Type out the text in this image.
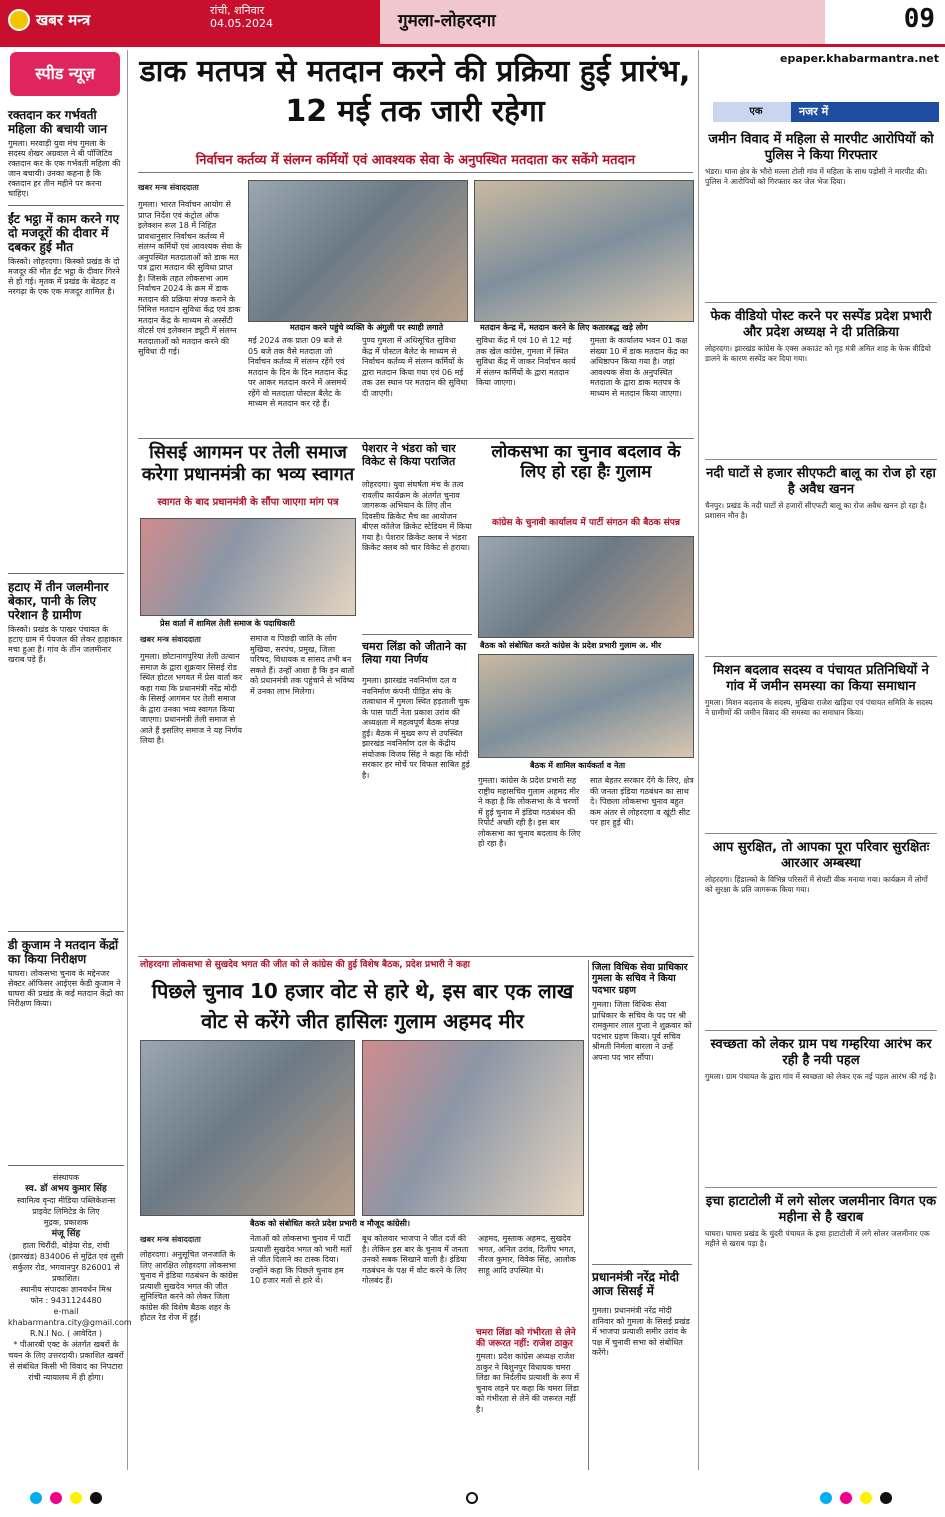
खबर मन्त्र
रांची, शनिवार
04.05.2024	गुमला-लोहरदगा	09
स्पीड न्यूज़
रक्तदान कर गर्भवती महिला की बचायी जान
गुमला। मरवाड़ी युवा मंच गुमला के सदस्य शेखर अग्रवाल ने बी पॉजिटिव रक्तदान कर के एक गर्भवती महिला की जान बचायी। उनका कहना है कि रक्तदान हर तीन महीने पर करना चाहिए।
ईंट भट्ठा में काम करने गए दो मजदूरों की दीवार में दबकर हुई मौत
किस्को। लोहरदगा। किस्को प्रखंड के दो मजदूर की मौत ईंट भट्ठा के दीवार गिरने से हो गई। मृतक में प्रखंड के बेठहट व नरगढ़ा के एक एक मजदूर शामिल है।
हटाए में तीन जलमीनार बेकार, पानी के लिए परेशान है ग्रामीण
किस्को। प्रखंड के पाखर पंचायत के हटाए ग्राम में पेयजल की लेकर हाहाकार मचा हुआ है। गांव के तीन जलमीनार खराब पड़े हैं।
डी कुजाम ने मतदान केंद्रों का किया निरीक्षण
घाघरा। लोकसभा चुनाव के मद्देनजर सेक्टर ऑफिसर आईएस केडी कुजाम ने घाघरा की प्रखंड के कई मतदान केंद्रो का निरीक्षण किया।
संस्थापक
स्व. डॉ अभय कुमार सिंह
स्वामित्व वृन्दा मीडिया पब्लिकेशन्स प्राइवेट लिमिटेड के लिए
मुद्रक, प्रकाशक
मंजू सिंह
हाता चिरौंदी, बोड़ेया रोड, रांची (झारखंड) 834006 से मुद्रित एवं लुसी सर्कुलर रोड, भगवानपुर 826001 से प्रकाशित।
स्थानीय संपादकः ज्ञानवर्धन मिश्र
फोन : 9431124480
e-mail
khabarmantra.city@gmail.com
R.N.I No. ( आवेदित )
* पीआरबी एक्ट के अंतर्गत खबरों के चयन के लिए उत्तरदायी। प्रकाशित खबरों से संबंधित किसी भी विवाद का निपटारा रांची न्यायालय में ही होगा।
डाक मतपत्र से मतदान करने की प्रक्रिया हुई प्रारंभ, 12 मई तक जारी रहेगा
निर्वाचन कर्तव्य में संलग्न कर्मियों एवं आवश्यक सेवा के अनुपस्थित मतदाता कर सकेंगे मतदान
खबर मन्त्र संवाददाता
गुमला। भारत निर्वाचन आयोग से प्राप्त निर्देश एवं कंट्रोल ऑफ इलेक्शन रूल 18 में निहित प्रावधानुसार निर्वाचन कर्तव्य में संलग्न कर्मियों एवं आवश्यक सेवा के अनुपस्थित मतदाताओं को डाक मत पत्र द्वारा मतदान की सुविधा प्राप्त है। जिसके तहत लोकसभा आम निर्वाचन 2024 के क्रम में डाक मतदान की प्रक्रिया संपन्न कराने के निमित्त मतदान सुविधा केंद्र एवं डाक मतदान केंद्र के माध्यम से अस्सेंटी वोटर्स एवं इलेक्शन ड्यूटी में संलग्न मतदाताओं को मतदान करने की सुविधा दी गई।
मतदान करने पहुंचे व्यक्ति के अंगुली पर स्याही लगाते	मतदान केन्द्र में, मतदान करने के लिए कतारबद्ध खड़े लोग
मई 2024 तक प्रातः 09 बजे से 05 बजे तक वैसे मतदाता जो निर्वाचन कर्तव्य में संलग्न रहेंगे एवं मतदान के दिन के दिन मतदान केंद्र पर आकर मतदान करने में असमर्थ रहेंगे वो मतदाता पोस्टल बैलेट के माध्यम से मतदान कर रहे हैं।
पुण्य गुमला में अधिसूचित सुविधा केंद्र में पोस्टल बैलेट के माध्यम से निर्वाचन कर्तव्य में संलग्न कर्मियों के द्वारा मतदान किया गया एवं 06 मई तक उस स्थान पर मतदान की सुविधा दी जाएगी।
सुविधा केंद्र में एवं 10 से 12 मई तक खेल कांग्रेस, गुमला में स्थित सुविधा केंद्र में जाकर निर्वाचन कार्य में संलग्न कर्मियों के द्वारा मतदान किया जाएगा।
गुमला के कार्यालय भवन 01 कक्ष संख्या 10 में डाक मतदान केंद्र का अधिष्ठापन किया गया है। जहां आवश्यक सेवा के अनुपस्थित मतदाता के द्वारा डाक मतपत्र के माध्यम से मतदान किया जाएगा।
सिसई आगमन पर तेली समाज करेगा प्रधानमंत्री का भव्य स्वागत
स्वागत के बाद प्रधानमंत्री के सौंपा जाएगा मांग पत्र
प्रेस वार्ता में शामिल तेली समाज के पदाधिकारी
खबर मन्त्र संवाददाता
गुमला। छोटानागपुरिया तेली उत्थान समाज के द्वारा शुक्रवार सिसई रोड स्थित होटल भगवत में प्रेस वार्ता कर कहा गया कि प्रधानमंत्री नरेंद्र मोदी के सिसई आगमन पर तेली समाज के द्वारा उनका भव्य स्वागत किया जाएगा। प्रधानमंत्री तेली समाज से आते हैं इसलिए समाज ने यह निर्णय लिया है।
समाज व पिछड़ी जाति के लोग मुखिया, सरपंच, प्रमुख, जिला परिषद, विधायक व सांसद तभी बन सकते हैं। उन्हों आशा है कि इन बातों को प्रधानमंत्री तक पहुंचाने से भविष्य में उनका लाभ मिलेगा।
पेशरार ने भंडरा को चार विकेट से किया पराजित
लोहरदगा। युवा संघर्षता मंच के तत्व रावलीय कार्यक्रम के अंतर्गत चुनाव जागरूक अभियान के लिए तीन दिवसीय क्रिकेट मैच का आयोजन बीएस कॉलेज क्रिकेट स्टेडियम में किया गया है। पेशरार क्रिकेट क्लब ने भंडरा क्रिकेट क्लब को चार विकेट से हराया।
चमरा लिंडा को जीताने का लिया गया निर्णय
गुमला। झारखंड नवनिर्माण दल व नवनिर्माण कंपनी पीड़ित संघ के तत्वाधान में गुमला स्थित हड़ताली चुक के पास पार्टी नेता प्रकाश उरांव की अध्यक्षता में महत्वपूर्ण बैठक संपन्न हुई। बैठक में मुख्य रूप से उपस्थित झारखंड नवनिर्माण दल के केंद्रीय संयोजक विजय सिंह ने कहा कि मोदी सरकार हर मोर्चे पर विफल साबित हुई है।
लोकसभा का चुनाव बदलाव के लिए हो रहा हैः गुलाम
कांग्रेस के चुनावी कार्यालय में पार्टी संगठन की बैठक संपन्न
बैठक को संबोधित करते कांग्रेस के प्रदेश प्रभारी गुलाम अ. मीर
बैठक में शामिल कार्यकर्ता व नेता
गुमला। कांग्रेस के प्रदेश प्रभारी सह राष्ट्रीय महासचिव गुलाम अहमद मीर ने कहा है कि लोकसभा के ये चरणों में हुई चुनाव में इंडिया गठबंधन की रिपोर्ट अच्छी रही है। इस बार लोकसभा का चुनाव बदलाव के लिए हो रहा है।
सात बेहतर सरकार देंगे के लिए, क्षेत्र की जनता इंडिया गठबंधन का साथ दे। पिछला लोकसभा चुनाव बहुत कम अंतर से लोहरदगा व खूंटी सीट पर हार हुई थी।
लोहरदगा लोकसभा से सुखदेव भगत की जीत को ले कांग्रेस की हुई विशेष बैठक, प्रदेश प्रभारी ने कहा
पिछले चुनाव 10 हजार वोट से हारे थे, इस बार एक लाख वोट से करेंगे जीत हासिलः गुलाम अहमद मीर
बैठक को संबोधित करते प्रदेश प्रभारी व मौजूद कांग्रेसी।
खबर मन्त्र संवाददाता
लोहरदगा। अनुसूचित जनजाति के लिए आरक्षित लोहरदगा लोकसभा चुनाव में इंडिया गठबंधन के कांग्रेस प्रत्याशी सुखदेव भगत की जीत सुनिश्चित करने को लेकर जिला कांग्रेस की विशेष बैठक शहर के होटल रेड रोज में हुई।
नेताओं को लोकसभा चुनाव में पार्टी प्रत्याशी सुखदेव भगत को भारी मतों से जीत दिलाने का टास्क दिया। उन्होंने कहा कि पिछले चुनाव हम 10 हजार मतों से हारे थे।
बूथ कोलवार भाजपा ने जीत दर्ज की है। लेकिन इस बार के चुनाव में जनता उनको सबक सिखाने वाली है। इंडिया गठबंधन के पक्ष में वोट करने के लिए गोलबंद हैं।
अहमद, मुस्ताक अहमद, सुखदेव भगत, अनिल उरांव, दिलीप भगत, नीरज कुमार, विवेक सिंह, आलोक साहू आदि उपस्थित थे।
चमरा लिंडा को गंभीरता से लेने की जरूरत नहीं: राजेश ठाकुर
गुमला। प्रदेश कांग्रेस अध्यक्ष राजेश ठाकुर ने बिशुनपुर विधायक चमरा लिंडा का निर्दलीय प्रत्याशी के रूप में चुनाव लड़ने पर कहा कि चमरा लिंडा को गंभीरता से लेने की जरूरत नहीं है।
जिला विधिक सेवा प्राधिकार गुमला के सचिव ने किया पदभार ग्रहण
गुमला। जिला विधिक सेवा प्राधिकार के सचिव के पद पर श्री रामकुमार लाल गुप्ता ने शुक्रवार को पदभार ग्रहण किया। पूर्व सचिव श्रीमती निर्मला बारला ने उन्हें अपना पद भार सौंपा।
प्रधानमंत्री नरेंद्र मोदी आज सिसई में
गुमला। प्रधानमंत्री नरेंद्र मोदी शनिवार को गुमला के सिसई प्रखंड में भाजपा प्रत्याशी समीर उरांव के पक्ष में चुनावी सभा को संबोधित करेंगे।
epaper.khabarmantra.net
एक	नजर में
जमीन विवाद में महिला से मारपीट आरोपियों को पुलिस ने किया गिरफ्तार
भंडरा। थाना क्षेत्र के भौरो मल्ला टोली गांव में महिला के साथ पड़ोसी ने मारपीट की। पुलिस ने आरोपियों को गिरफ्तार कर जेल भेज दिया।
फेक वीडियो पोस्ट करने पर सस्पेंड प्रदेश प्रभारी और प्रदेश अध्यक्ष ने दी प्रतिक्रिया
लोहरदगा। झारखंड कांग्रेस के एक्स अकाउंट को गृह मंत्री अमित शाह के फेक वीडियो डालने के कारण सस्पेंड कर दिया गया।
नदी घाटों से हजार सीएफटी बालू का रोज हो रहा है अवैध खनन
चैनपुर। प्रखंड के नदी घाटों से हजारों सीएफटी बालू का रोज अवैध खनन हो रहा है। प्रशासन मौन है।
मिशन बदलाव सदस्य व पंचायत प्रतिनिधियों ने गांव में जमीन समस्या का किया समाधान
गुमला। मिशन बदलाव के सदस्य, मुखिया राजेश खड़िया एवं पंचायत समिति के सदस्य ने ग्रामीणों की जमीन विवाद की समस्या का समाधान किया।
आप सुरक्षित, तो आपका पूरा परिवार सुरक्षितः आरआर अम्बस्था
लोहरदगा। हिंडाल्को के विभिन्न परिसरों में सेफ्टी वीक मनाया गया। कार्यक्रम में लोगों को सुरक्षा के प्रति जागरूक किया गया।
स्वच्छता को लेकर ग्राम पथ गम्हरिया आरंभ कर रही है नयी पहल
गुमला। ग्राम पंचायत के द्वारा गांव में स्वच्छता को लेकर एक नई पहल आरंभ की गई है।
इचा हाटाटोली में लगे सोलर जलमीनार विगत एक महीना से है खराब
घाघरा। घाघरा प्रखंड के चुंदरी पंचायत के इचा हाटाटोली में लगे सोलर जलमीनार एक महीने से खराब पड़ा है।
